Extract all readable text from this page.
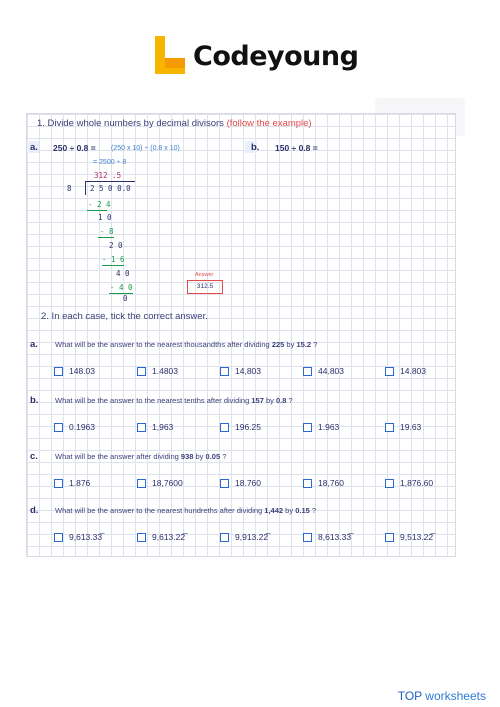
Codeyoung
1. Divide whole numbers by decimal divisors (follow the example)
a. 250 ÷ 0.8 = (250 x 10) ÷ (0.8 x 10)
= 2500 ÷ 8
312 .5
8 2 5 0 0.0
- 2 4
1 0
- 8
2 0
- 1 6
4 0
- 4 0
0
Answer
312.5
b. 150 ÷ 0.8 =
2. In each case, tick the correct answer.
a. What will be the answer to the nearest thousandths after dividing 225 by 15.2 ?
148.03	1.4803	14,803	44.803	14.803
b. What will be the answer to the nearest tenths after dividing 157 by 0.8 ?
0.1963	1,963	196.25	1.963	19.63
c. What will be the answer after dividing 938 by 0.05 ?
1.876	18,7600	18.760	18,760	1,876.60
d. What will be the answer to the nearest hundreths after dividing 1,442 by 0.15 ?
9,613.33̅	9,613.22̅	9,913.22̅	8,613.33̅	9,513.22̅
TOP worksheets
